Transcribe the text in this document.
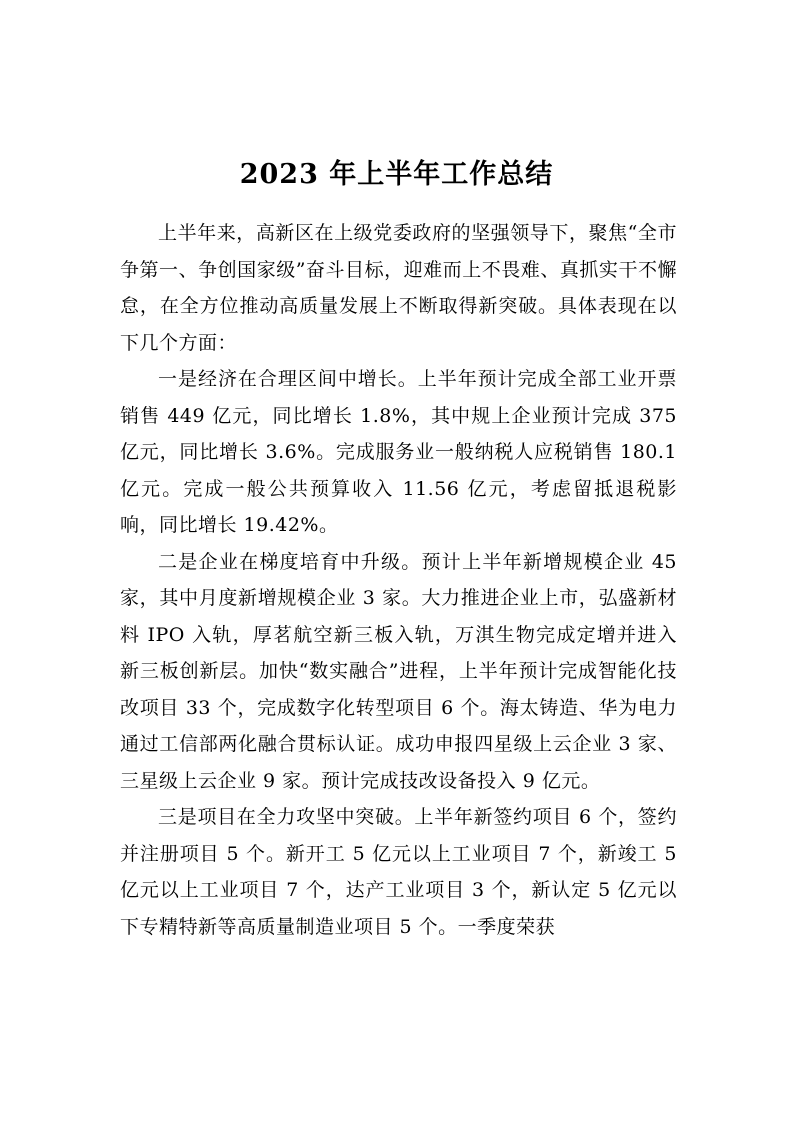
2023 年上半年工作总结

上半年来，高新区在上级党委政府的坚强领导下，聚焦“全市争第一、争创国家级”奋斗目标，迎难而上不畏难、真抓实干不懈怠，在全方位推动高质量发展上不断取得新突破。具体表现在以下几个方面：

一是经济在合理区间中增长。上半年预计完成全部工业开票销售 449 亿元，同比增长 1.8%，其中规上企业预计完成 375 亿元，同比增长 3.6%。完成服务业一般纳税人应税销售 180.1 亿元。完成一般公共预算收入 11.56 亿元，考虑留抵退税影响，同比增长 19.42%。

二是企业在梯度培育中升级。预计上半年新增规模企业 45 家，其中月度新增规模企业 3 家。大力推进企业上市，弘盛新材料 IPO 入轨，厚茗航空新三板入轨，万淇生物完成定增并进入新三板创新层。加快“数实融合”进程，上半年预计完成智能化技改项目 33 个，完成数字化转型项目 6 个。海太铸造、华为电力通过工信部两化融合贯标认证。成功申报四星级上云企业 3 家、三星级上云企业 9 家。预计完成技改设备投入 9 亿元。

三是项目在全力攻坚中突破。上半年新签约项目 6 个，签约并注册项目 5 个。新开工 5 亿元以上工业项目 7 个，新竣工 5 亿元以上工业项目 7 个，达产工业项目 3 个，新认定 5 亿元以下专精特新等高质量制造业项目 5 个。一季度荣获
